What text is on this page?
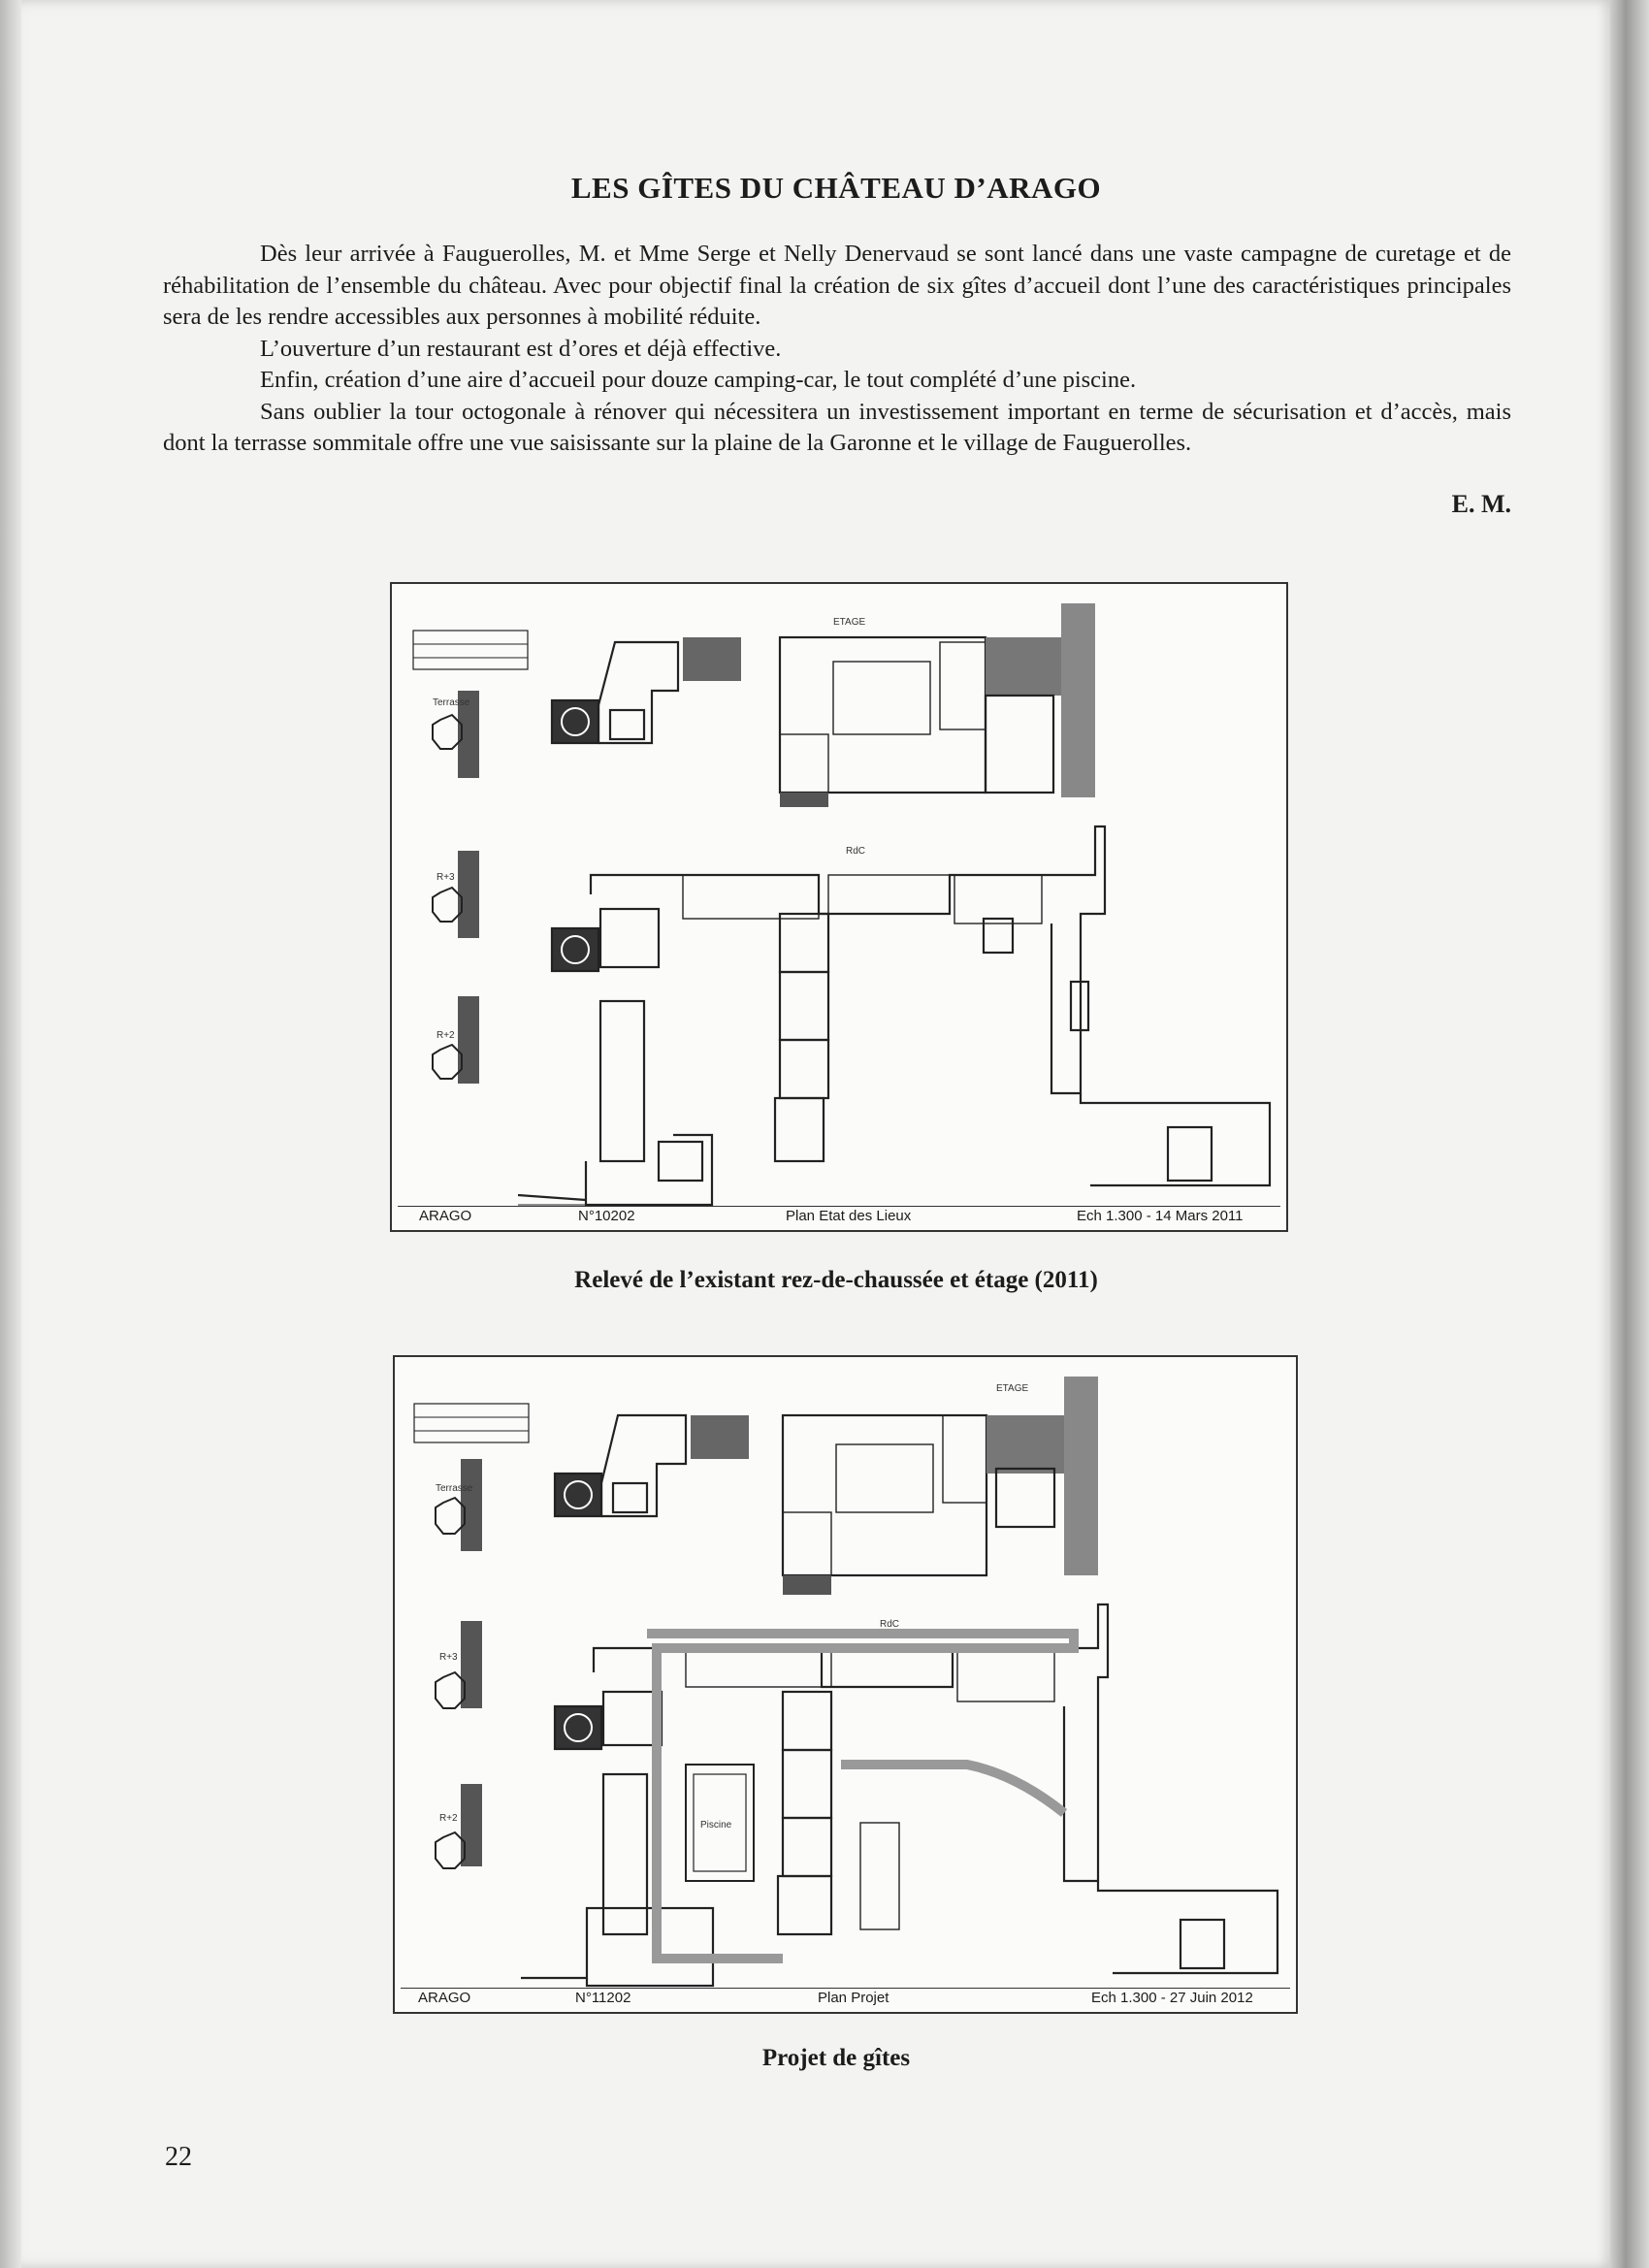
LES GÎTES DU CHÂTEAU D’ARAGO

Dès leur arrivée à Fauguerolles, M. et Mme Serge et Nelly Denervaud se sont lancé dans une vaste campagne de curetage et de réhabilitation de l’ensemble du château. Avec pour objectif final la création de six gîtes d’accueil dont l’une des caractéristiques principales sera de les rendre accessibles aux personnes à mobilité réduite.

L’ouverture d’un restaurant est d’ores et déjà effective.

Enfin, création d’une aire d’accueil pour douze camping-car, le tout complété d’une piscine.

Sans oublier la tour octogonale à rénover qui nécessitera un investissement important en terme de sécurisation et d’accès, mais dont la terrasse sommitale offre une vue saisissante sur la plaine de la Garonne et le village de Fauguerolles.

E. M.
ETAGE
RdC
Terrasse
R+3
R+2
ARAGO	N°10202	Plan Etat des Lieux	Ech 1.300 - 14 Mars 2011
Relevé de l’existant rez-de-chaussée et étage (2011)
ETAGE
RdC
Terrasse
R+3
R+2
Piscine
ARAGO	N°11202	Plan Projet	Ech 1.300 - 27 Juin 2012
Projet de gîtes
22
